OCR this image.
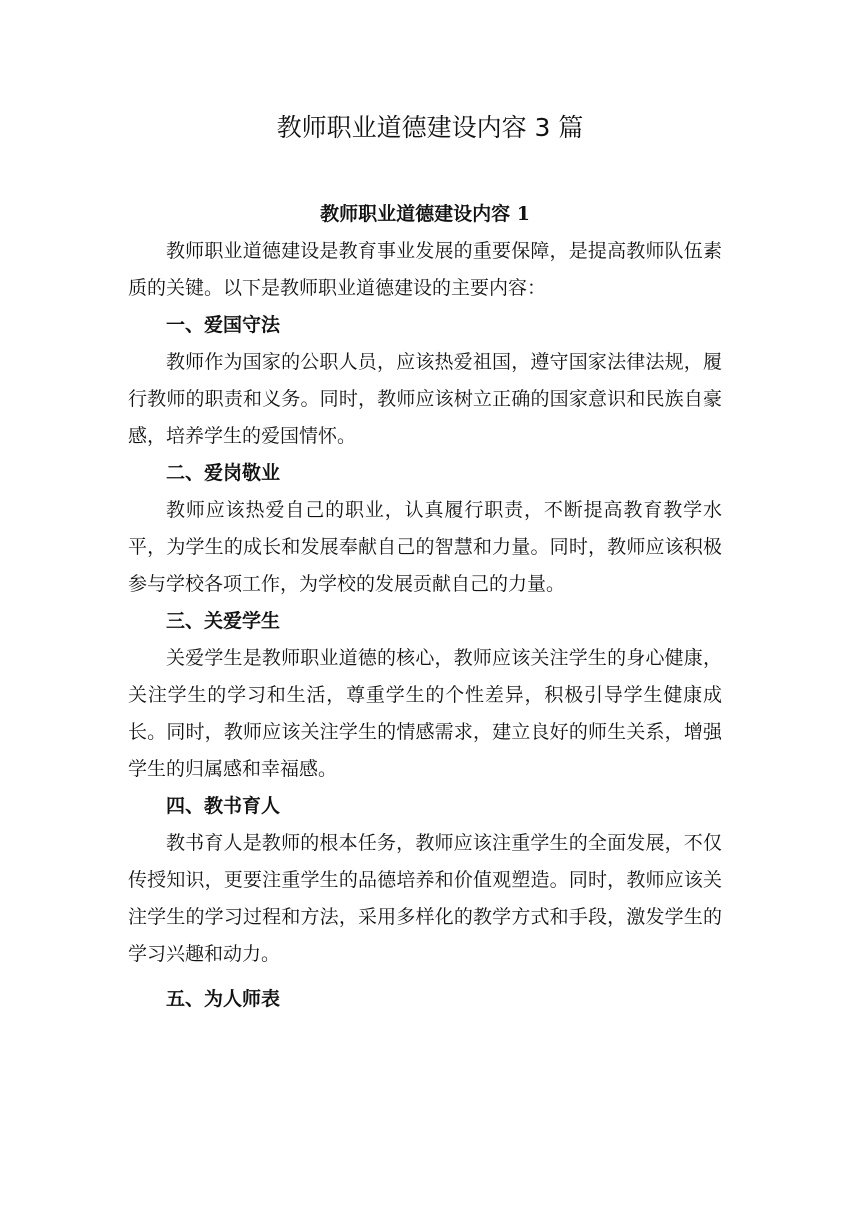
教师职业道德建设内容 3 篇

教师职业道德建设内容 1

教师职业道德建设是教育事业发展的重要保障，是提高教师队伍素质的关键。以下是教师职业道德建设的主要内容：

一、爱国守法

教师作为国家的公职人员，应该热爱祖国，遵守国家法律法规，履行教师的职责和义务。同时，教师应该树立正确的国家意识和民族自豪感，培养学生的爱国情怀。

二、爱岗敬业

教师应该热爱自己的职业，认真履行职责，不断提高教育教学水平，为学生的成长和发展奉献自己的智慧和力量。同时，教师应该积极参与学校各项工作，为学校的发展贡献自己的力量。

三、关爱学生

关爱学生是教师职业道德的核心，教师应该关注学生的身心健康，关注学生的学习和生活，尊重学生的个性差异，积极引导学生健康成长。同时，教师应该关注学生的情感需求，建立良好的师生关系，增强学生的归属感和幸福感。

四、教书育人

教书育人是教师的根本任务，教师应该注重学生的全面发展，不仅传授知识，更要注重学生的品德培养和价值观塑造。同时，教师应该关注学生的学习过程和方法，采用多样化的教学方式和手段，激发学生的学习兴趣和动力。

五、为人师表
